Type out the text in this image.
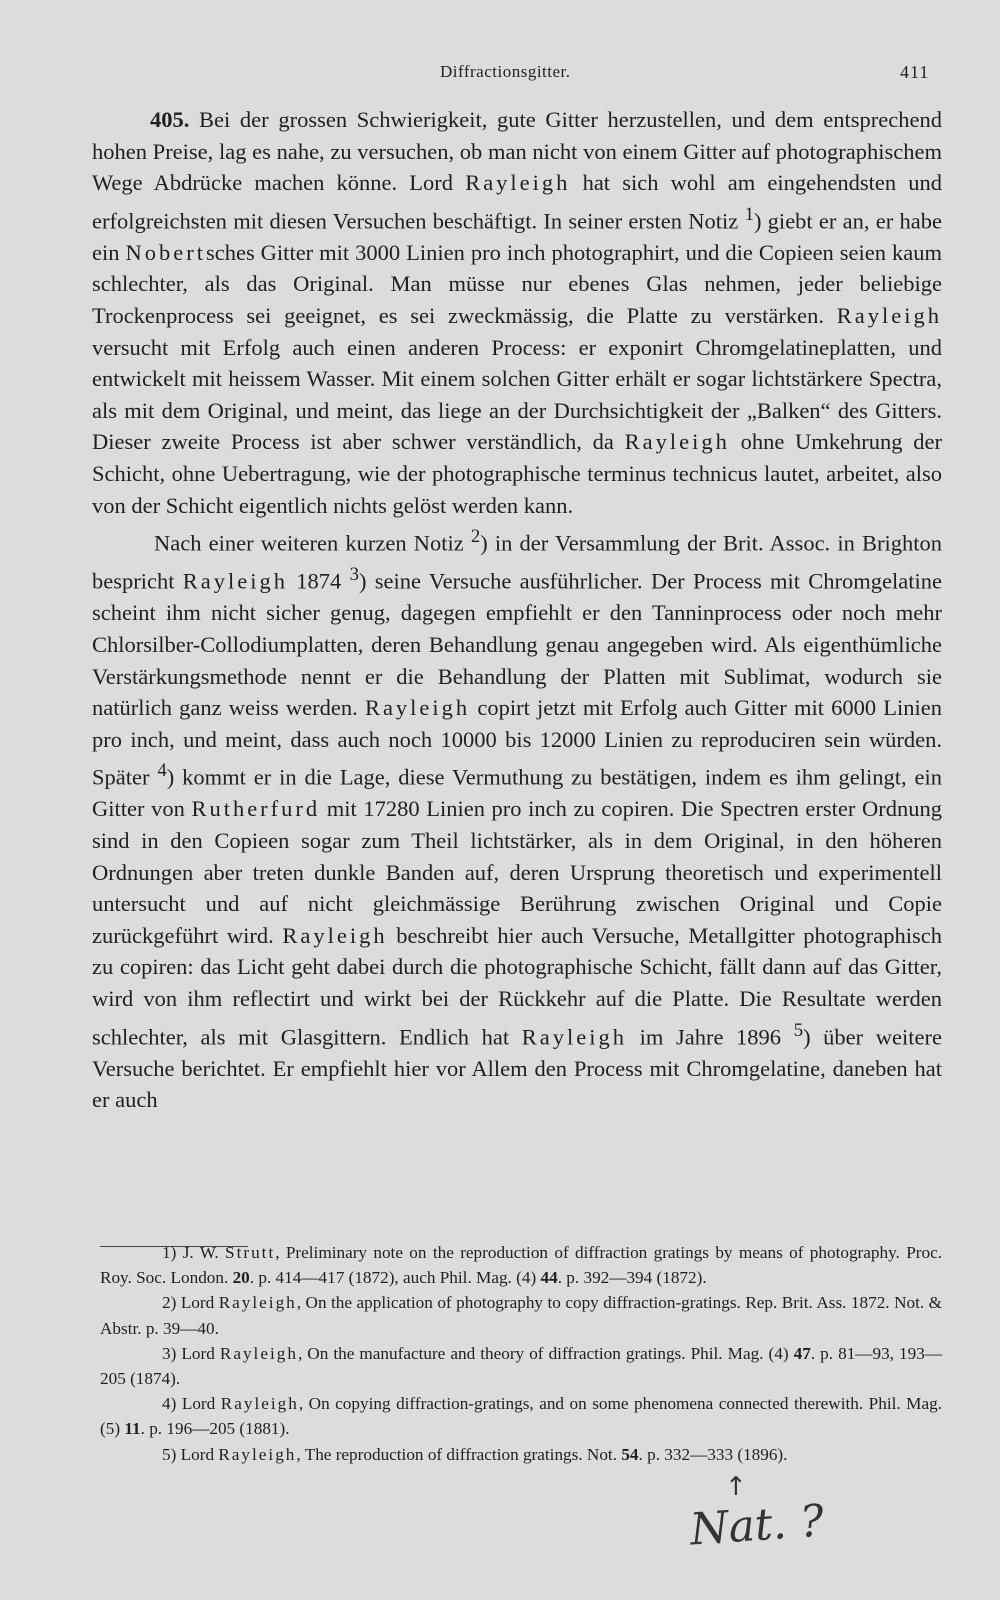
Diffractionsgitter.	411

405. Bei der grossen Schwierigkeit, gute Gitter herzustellen, und dem entsprechend hohen Preise, lag es nahe, zu versuchen, ob man nicht von einem Gitter auf photographischem Wege Abdrücke machen könne. Lord Rayleigh hat sich wohl am eingehendsten und erfolgreichsten mit diesen Versuchen beschäftigt. In seiner ersten Notiz $^1$) giebt er an, er habe ein Nobertsches Gitter mit 3000 Linien pro inch photographirt, und die Copieen seien kaum schlechter, als das Original. Man müsse nur ebenes Glas nehmen, jeder beliebige Trockenprocess sei geeignet, es sei zweckmässig, die Platte zu verstärken. Rayleigh versucht mit Erfolg auch einen anderen Process: er exponirt Chromgelatineplatten, und entwickelt mit heissem Wasser. Mit einem solchen Gitter erhält er sogar lichtstärkere Spectra, als mit dem Original, und meint, das liege an der Durchsichtigkeit der „Balken“ des Gitters. Dieser zweite Process ist aber schwer verständlich, da Rayleigh ohne Umkehrung der Schicht, ohne Uebertragung, wie der photographische terminus technicus lautet, arbeitet, also von der Schicht eigentlich nichts gelöst werden kann.

Nach einer weiteren kurzen Notiz $^2$) in der Versammlung der Brit. Assoc. in Brighton bespricht Rayleigh 1874 $^3$) seine Versuche ausführlicher. Der Process mit Chromgelatine scheint ihm nicht sicher genug, dagegen empfiehlt er den Tanninprocess oder noch mehr Chlorsilber-Collodiumplatten, deren Behandlung genau angegeben wird. Als eigenthümliche Verstärkungsmethode nennt er die Behandlung der Platten mit Sublimat, wodurch sie natürlich ganz weiss werden. Rayleigh copirt jetzt mit Erfolg auch Gitter mit 6000 Linien pro inch, und meint, dass auch noch 10000 bis 12000 Linien zu reproduciren sein würden. Später $^4$) kommt er in die Lage, diese Vermuthung zu bestätigen, indem es ihm gelingt, ein Gitter von Rutherfurd mit 17280 Linien pro inch zu copiren. Die Spectren erster Ordnung sind in den Copieen sogar zum Theil lichtstärker, als in dem Original, in den höheren Ordnungen aber treten dunkle Banden auf, deren Ursprung theoretisch und experimentell untersucht und auf nicht gleichmässige Berührung zwischen Original und Copie zurückgeführt wird. Rayleigh beschreibt hier auch Versuche, Metallgitter photographisch zu copiren: das Licht geht dabei durch die photographische Schicht, fällt dann auf das Gitter, wird von ihm reflectirt und wirkt bei der Rückkehr auf die Platte. Die Resultate werden schlechter, als mit Glasgittern. Endlich hat Rayleigh im Jahre 1896 $^5$) über weitere Versuche berichtet. Er empfiehlt hier vor Allem den Process mit Chromgelatine, daneben hat er auch

1) J. W. Strutt, Preliminary note on the reproduction of diffraction gratings by means of photography. Proc. Roy. Soc. London. 20. p. 414—417 (1872), auch Phil. Mag. (4) 44. p. 392—394 (1872).

2) Lord Rayleigh, On the application of photography to copy diffraction-gratings. Rep. Brit. Ass. 1872. Not. & Abstr. p. 39—40.

3) Lord Rayleigh, On the manufacture and theory of diffraction gratings. Phil. Mag. (4) 47. p. 81—93, 193—205 (1874).

4) Lord Rayleigh, On copying diffraction-gratings, and on some phenomena connected therewith. Phil. Mag. (5) 11. p. 196—205 (1881).

5) Lord Rayleigh, The reproduction of diffraction gratings. Not. 54. p. 332—333 (1896).

↑
Nat. ?
